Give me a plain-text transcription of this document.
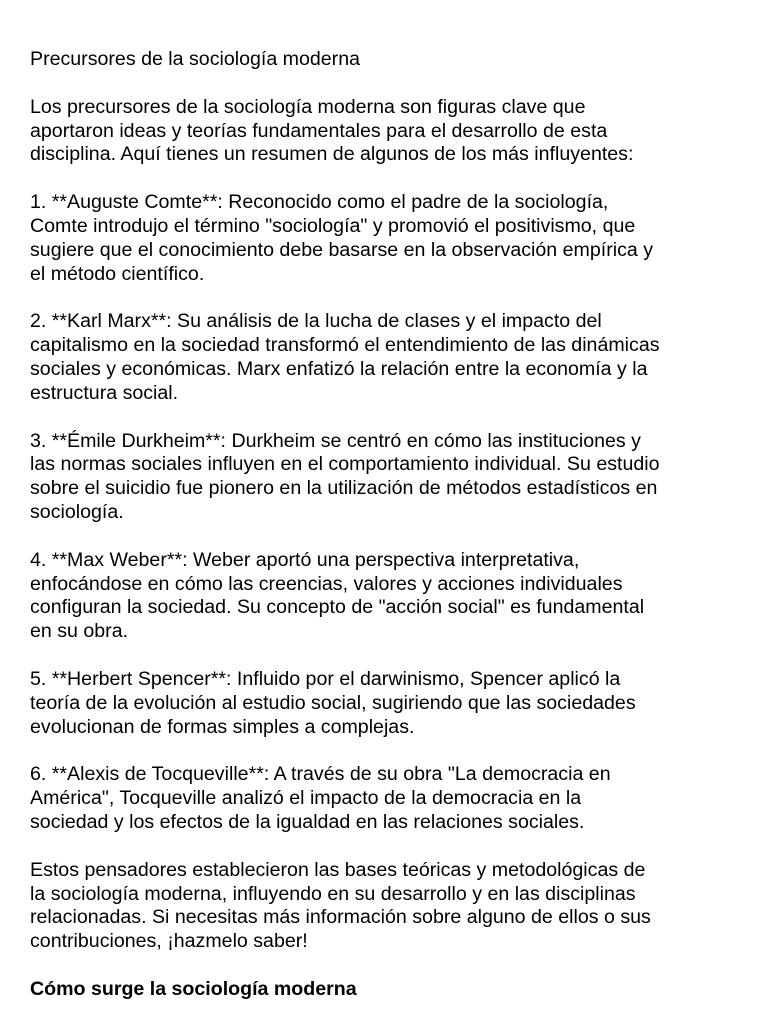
Precursores de la sociología moderna

Los precursores de la sociología moderna son figuras clave que
aportaron ideas y teorías fundamentales para el desarrollo de esta
disciplina. Aquí tienes un resumen de algunos de los más influyentes:

1. **Auguste Comte**: Reconocido como el padre de la sociología,
Comte introdujo el término "sociología" y promovió el positivismo, que
sugiere que el conocimiento debe basarse en la observación empírica y
el método científico.

2. **Karl Marx**: Su análisis de la lucha de clases y el impacto del
capitalismo en la sociedad transformó el entendimiento de las dinámicas
sociales y económicas. Marx enfatizó la relación entre la economía y la
estructura social.

3. **Émile Durkheim**: Durkheim se centró en cómo las instituciones y
las normas sociales influyen en el comportamiento individual. Su estudio
sobre el suicidio fue pionero en la utilización de métodos estadísticos en
sociología.

4. **Max Weber**: Weber aportó una perspectiva interpretativa,
enfocándose en cómo las creencias, valores y acciones individuales
configuran la sociedad. Su concepto de "acción social" es fundamental
en su obra.

5. **Herbert Spencer**: Influido por el darwinismo, Spencer aplicó la
teoría de la evolución al estudio social, sugiriendo que las sociedades
evolucionan de formas simples a complejas.

6. **Alexis de Tocqueville**: A través de su obra "La democracia en
América", Tocqueville analizó el impacto de la democracia en la
sociedad y los efectos de la igualdad en las relaciones sociales.

Estos pensadores establecieron las bases teóricas y metodológicas de
la sociología moderna, influyendo en su desarrollo y en las disciplinas
relacionadas. Si necesitas más información sobre alguno de ellos o sus
contribuciones, ¡hazmelo saber!

Cómo surge la sociología moderna
